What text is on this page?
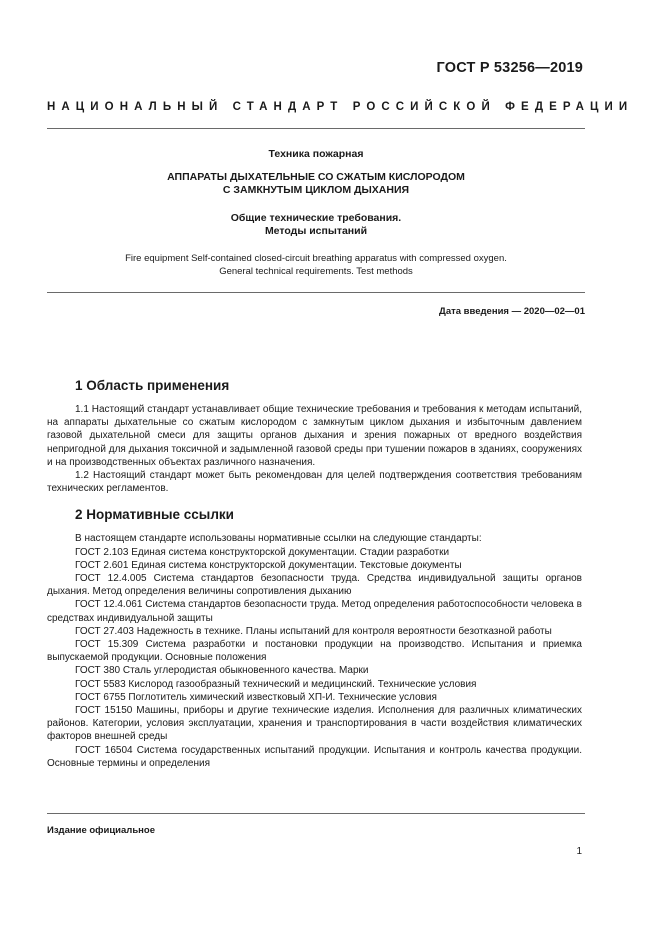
ГОСТ Р 53256—2019
НАЦИОНАЛЬНЫЙ СТАНДАРТ РОССИЙСКОЙ ФЕДЕРАЦИИ
Техника пожарная
АППАРАТЫ ДЫХАТЕЛЬНЫЕ СО СЖАТЫМ КИСЛОРОДОМ
С ЗАМКНУТЫМ ЦИКЛОМ ДЫХАНИЯ
Общие технические требования.
Методы испытаний
Fire equipment Self-contained closed-circuit breathing apparatus with compressed oxygen.
General technical requirements. Test methods
Дата введения — 2020—02—01
1 Область применения

1.1 Настоящий стандарт устанавливает общие технические требования и требования к методам испытаний, на аппараты дыхательные со сжатым кислородом с замкнутым циклом дыхания и избыточным давлением газовой дыхательной смеси для защиты органов дыхания и зрения пожарных от вредного воздействия непригодной для дыхания токсичной и задымленной газовой среды при тушении пожаров в зданиях, сооружениях и на производственных объектах различного назначения.

1.2 Настоящий стандарт может быть рекомендован для целей подтверждения соответствия требованиям технических регламентов.

2 Нормативные ссылки

В настоящем стандарте использованы нормативные ссылки на следующие стандарты:

ГОСТ 2.103 Единая система конструкторской документации. Стадии разработки

ГОСТ 2.601 Единая система конструкторской документации. Текстовые документы

ГОСТ 12.4.005 Система стандартов безопасности труда. Средства индивидуальной защиты органов дыхания. Метод определения величины сопротивления дыханию

ГОСТ 12.4.061 Система стандартов безопасности труда. Метод определения работоспособности человека в средствах индивидуальной защиты

ГОСТ 27.403 Надежность в технике. Планы испытаний для контроля вероятности безотказной работы

ГОСТ 15.309 Система разработки и постановки продукции на производство. Испытания и приемка выпускаемой продукции. Основные положения

ГОСТ 380 Сталь углеродистая обыкновенного качества. Марки

ГОСТ 5583 Кислород газообразный технический и медицинский. Технические условия

ГОСТ 6755 Поглотитель химический известковый ХП-И. Технические условия

ГОСТ 15150 Машины, приборы и другие технические изделия. Исполнения для различных климатических районов. Категории, условия эксплуатации, хранения и транспортирования в части воздействия климатических факторов внешней среды

ГОСТ 16504 Система государственных испытаний продукции. Испытания и контроль качества продукции. Основные термины и определения

Издание официальное
1
